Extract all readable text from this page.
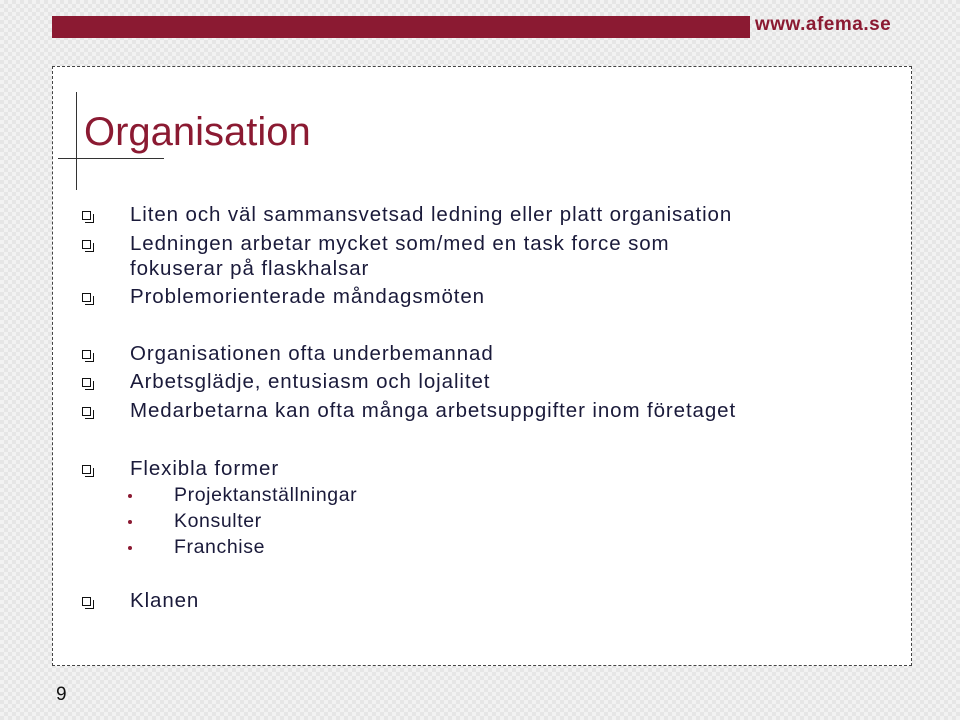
www.afema.se
Organisation
Liten och väl sammansvetsad ledning eller platt organisation
Ledningen arbetar mycket som/med en task force som
fokuserar på flaskhalsar
Problemorienterade måndagsmöten
Organisationen ofta underbemannad
Arbetsglädje, entusiasm och lojalitet
Medarbetarna kan ofta många arbetsuppgifter inom företaget
Flexibla former
Projektanställningar
Konsulter
Franchise
Klanen
9
